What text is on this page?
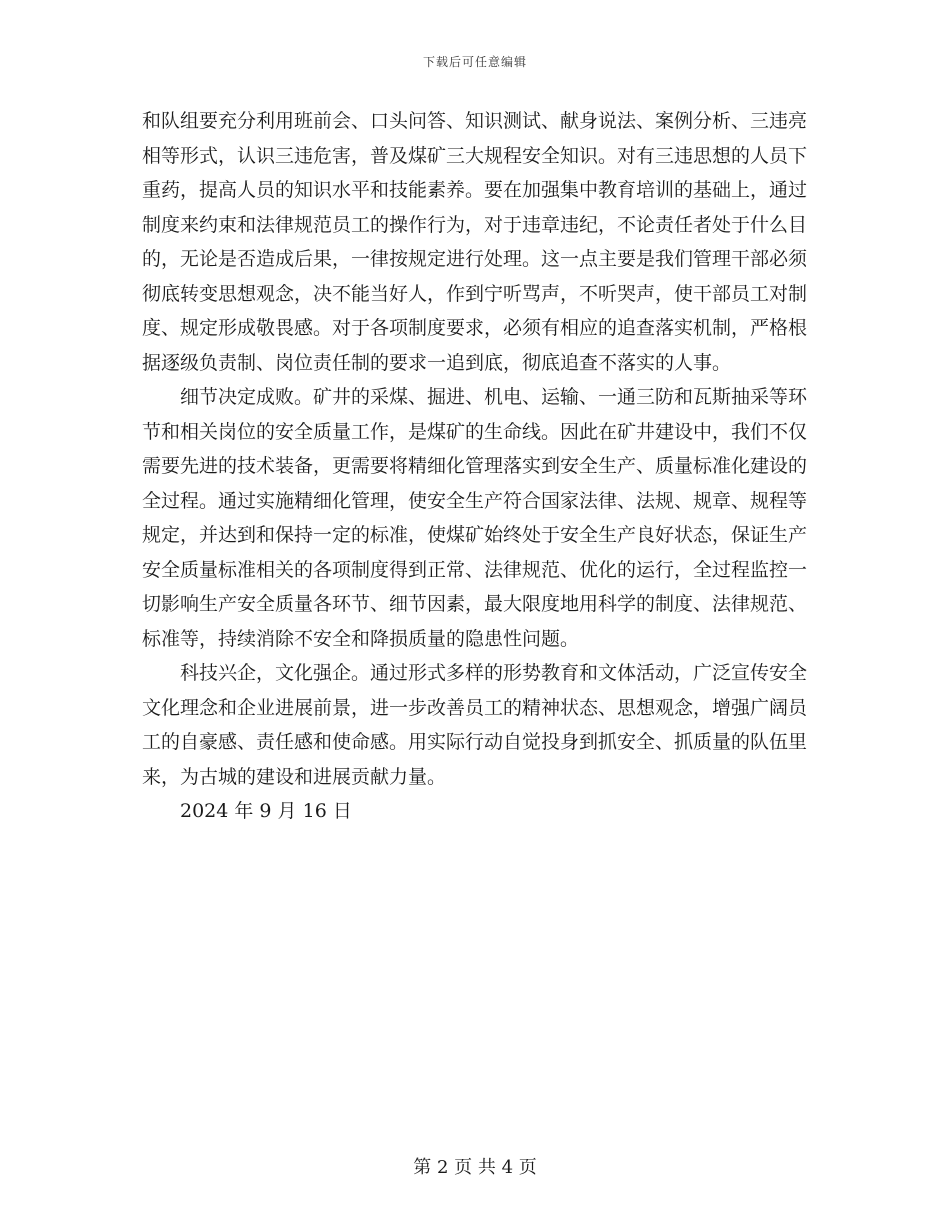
下载后可任意编辑

和队组要充分利用班前会、口头问答、知识测试、献身说法、案例分析、三违亮相等形式，认识三违危害，普及煤矿三大规程安全知识。对有三违思想的人员下重药，提高人员的知识水平和技能素养。要在加强集中教育培训的基础上，通过制度来约束和法律规范员工的操作行为，对于违章违纪，不论责任者处于什么目的，无论是否造成后果，一律按规定进行处理。这一点主要是我们管理干部必须彻底转变思想观念，决不能当好人，作到宁听骂声，不听哭声，使干部员工对制度、规定形成敬畏感。对于各项制度要求，必须有相应的追查落实机制，严格根据逐级负责制、岗位责任制的要求一追到底，彻底追查不落实的人事。

细节决定成败。矿井的采煤、掘进、机电、运输、一通三防和瓦斯抽采等环节和相关岗位的安全质量工作，是煤矿的生命线。因此在矿井建设中，我们不仅需要先进的技术装备，更需要将精细化管理落实到安全生产、质量标准化建设的全过程。通过实施精细化管理，使安全生产符合国家法律、法规、规章、规程等规定，并达到和保持一定的标准，使煤矿始终处于安全生产良好状态，保证生产安全质量标准相关的各项制度得到正常、法律规范、优化的运行，全过程监控一切影响生产安全质量各环节、细节因素，最大限度地用科学的制度、法律规范、标准等，持续消除不安全和降损质量的隐患性问题。

科技兴企，文化强企。通过形式多样的形势教育和文体活动，广泛宣传安全文化理念和企业进展前景，进一步改善员工的精神状态、思想观念，增强广阔员工的自豪感、责任感和使命感。用实际行动自觉投身到抓安全、抓质量的队伍里来，为古城的建设和进展贡献力量。

2024 年 9 月 16 日

第 2 页 共 4 页
